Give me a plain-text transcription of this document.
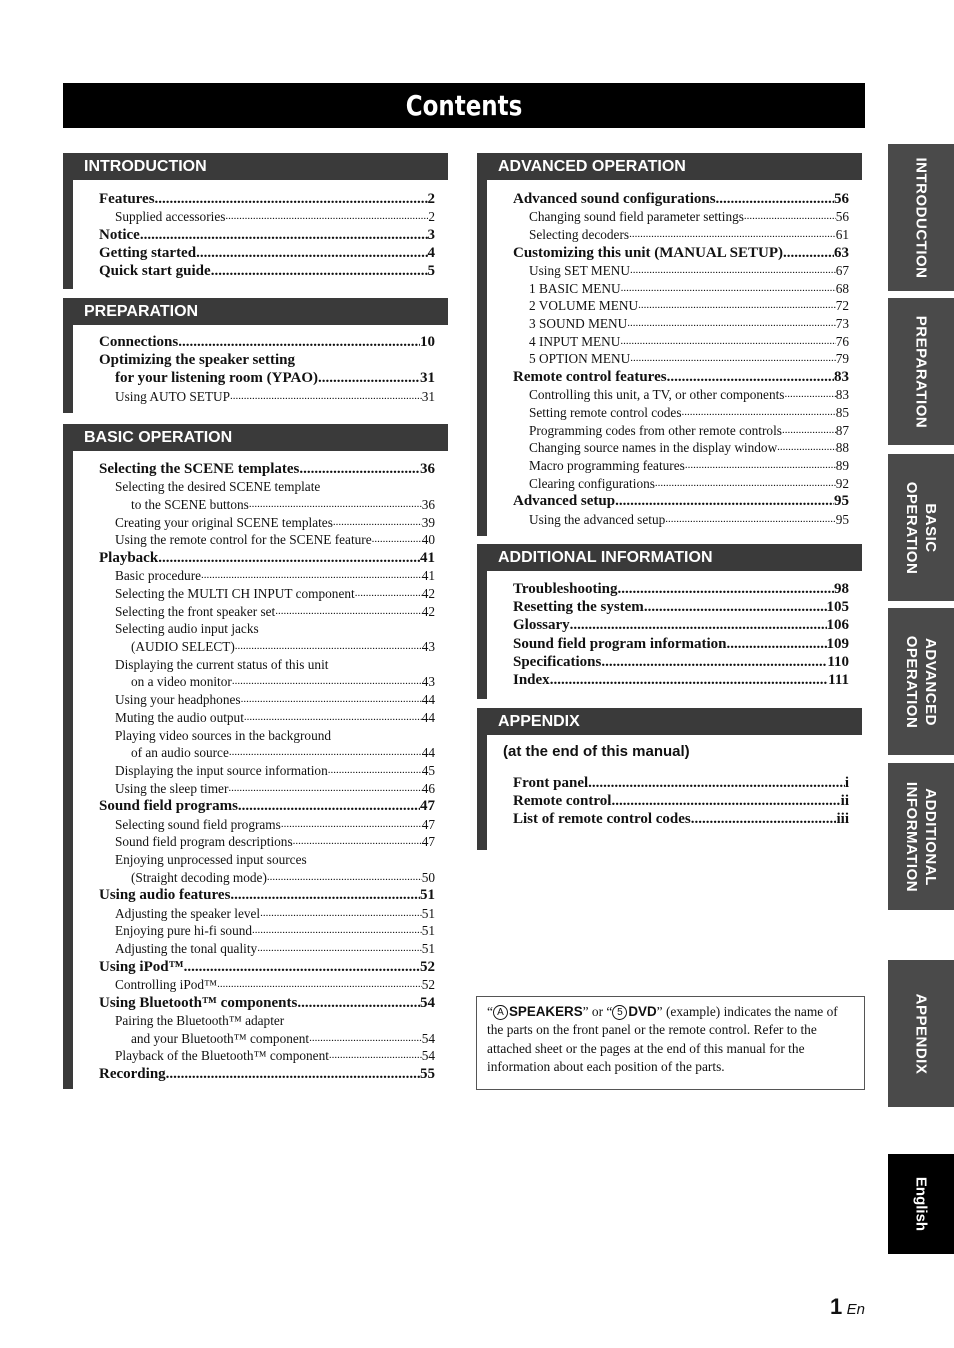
Contents
INTRODUCTION
Features .....	2
Supplied accessories .....	2
Notice .....	3
Getting started .....	4
Quick start guide .....	5
PREPARATION
Connections .....	10
Optimizing the speaker setting
for your listening room (YPAO) .....	31
Using AUTO SETUP .....	31
BASIC OPERATION
Selecting the SCENE templates .....	36
Selecting the desired SCENE template
to the SCENE buttons .....	36
Creating your original SCENE templates .....	39
Using the remote control for the SCENE feature .....	40
Playback .....	41
Basic procedure .....	41
Selecting the MULTI CH INPUT component .....	42
Selecting the front speaker set .....	42
Selecting audio input jacks
(AUDIO SELECT) .....	43
Displaying the current status of this unit
on a video monitor .....	43
Using your headphones .....	44
Muting the audio output .....	44
Playing video sources in the background
of an audio source .....	44
Displaying the input source information .....	45
Using the sleep timer .....	46
Sound field programs .....	47
Selecting sound field programs .....	47
Sound field program descriptions .....	47
Enjoying unprocessed input sources
(Straight decoding mode) .....	50
Using audio features .....	51
Adjusting the speaker level .....	51
Enjoying pure hi-fi sound .....	51
Adjusting the tonal quality .....	51
Using iPod™ .....	52
Controlling iPod™ .....	52
Using Bluetooth™ components .....	54
Pairing the Bluetooth™ adapter
and your Bluetooth™ component .....	54
Playback of the Bluetooth™ component .....	54
Recording .....	55
ADVANCED OPERATION
Advanced sound configurations .....	56
Changing sound field parameter settings .....	56
Selecting decoders .....	61
Customizing this unit (MANUAL SETUP) .....	63
Using SET MENU .....	67
1 BASIC MENU .....	68
2 VOLUME MENU .....	72
3 SOUND MENU .....	73
4 INPUT MENU .....	76
5 OPTION MENU .....	79
Remote control features .....	83
Controlling this unit, a TV, or other components .....	83
Setting remote control codes .....	85
Programming codes from other remote controls .....	87
Changing source names in the display window .....	88
Macro programming features .....	89
Clearing configurations .....	92
Advanced setup .....	95
Using the advanced setup .....	95
ADDITIONAL INFORMATION
Troubleshooting .....	98
Resetting the system .....	105
Glossary .....	106
Sound field program information .....	109
Specifications .....	110
Index .....	111
APPENDIX
(at the end of this manual)
Front panel .....	i
Remote control .....	ii
List of remote control codes .....	iii
“ A SPEAKERS” or “ 5 DVD” (example) indicates the name of the parts on the front panel or the remote control. Refer to the attached sheet or the pages at the end of this manual for the information about each position of the parts.
INTRODUCTION
PREPARATION
BASIC
OPERATION
ADVANCED
OPERATION
ADDITIONAL
INFORMATION
APPENDIX
English
1 En
